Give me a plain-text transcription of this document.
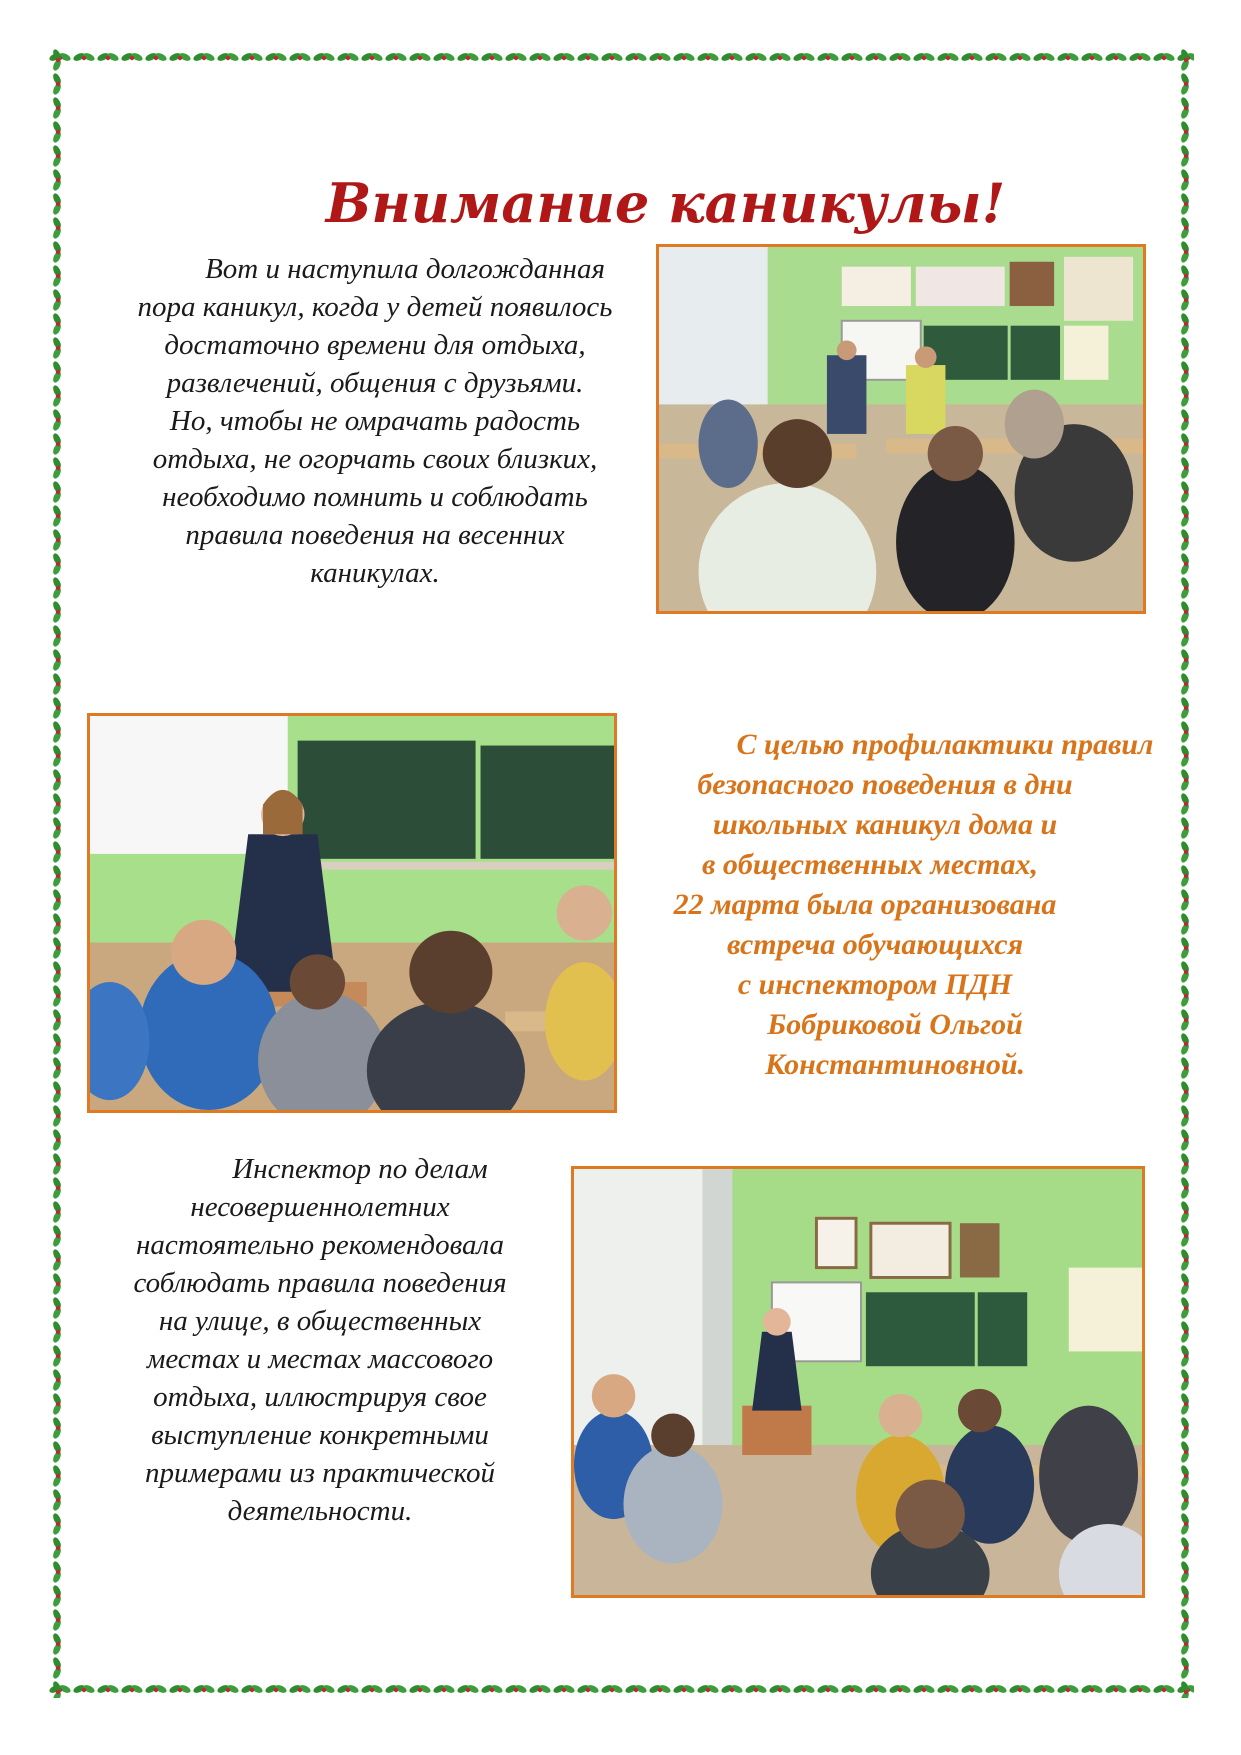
Внимание каникулы!

Вот и наступила долгожданная

пора каникул, когда у детей появилось

достаточно времени для отдыха,

развлечений, общения с друзьями.

Но, чтобы не омрачать радость

отдыха, не огорчать своих близких,

необходимо помнить и соблюдать

правила поведения на весенних

каникулах.

С целью профилактики правил

безопасного поведения в дни

школьных каникул дома и

в общественных местах,

22 марта была организована

встреча обучающихся

с инспектором ПДН

Бобриковой Ольгой

Константиновной.

Инспектор по делам

несовершеннолетних

настоятельно рекомендовала

соблюдать правила поведения

на улице, в общественных

местах и местах массового

отдыха, иллюстрируя свое

выступление конкретными

примерами из практической

деятельности.
